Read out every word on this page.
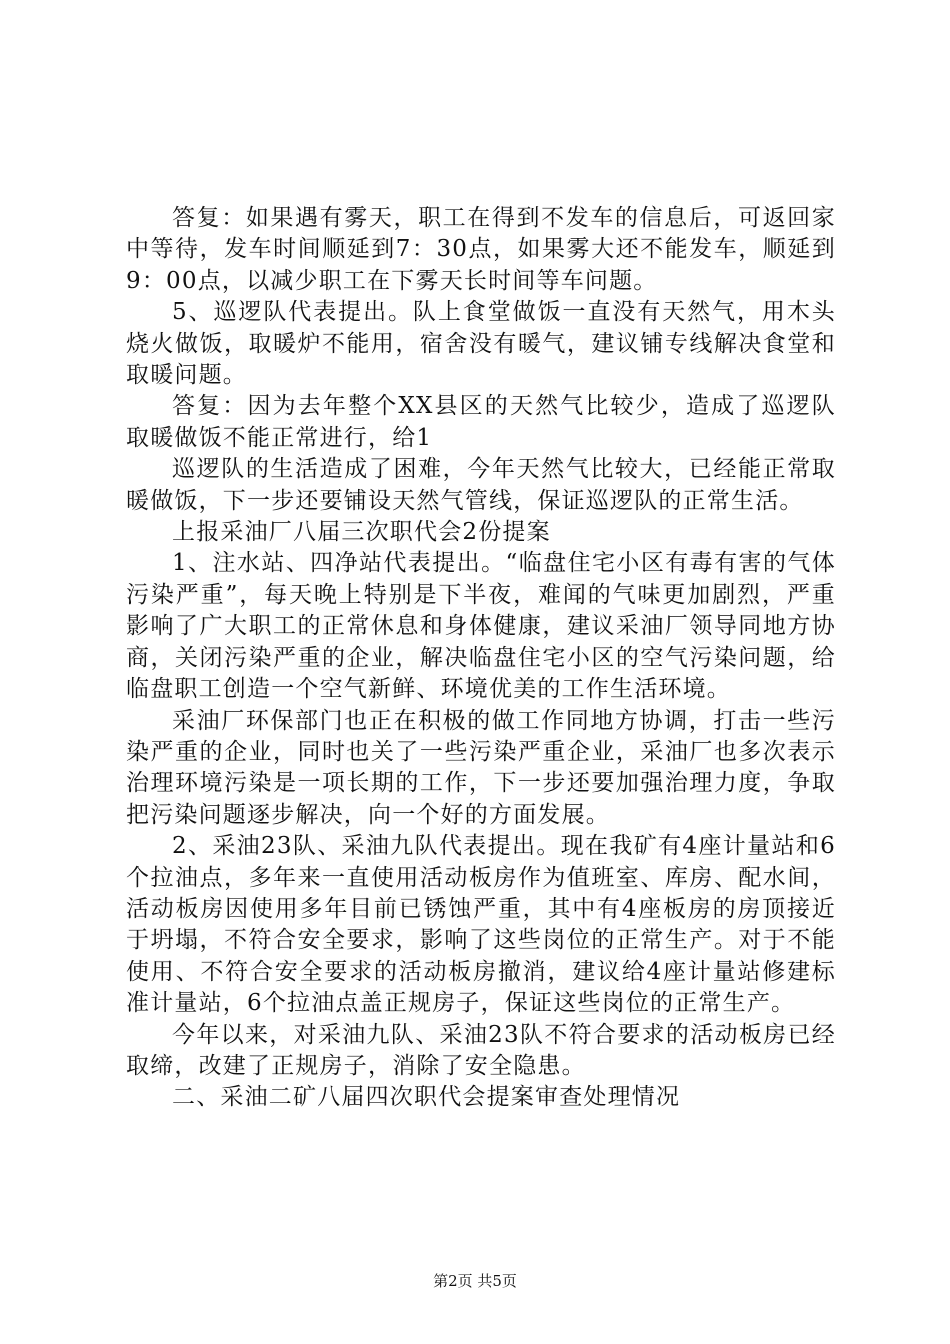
答复：如果遇有雾天，职工在得到不发车的信息后，可返回家中等待，发车时间顺延到7：30点，如果雾大还不能发车，顺延到9：00点，以减少职工在下雾天长时间等车问题。

5、巡逻队代表提出。队上食堂做饭一直没有天然气，用木头烧火做饭，取暖炉不能用，宿舍没有暖气，建议铺专线解决食堂和取暖问题。

答复：因为去年整个XX县区的天然气比较少，造成了巡逻队取暖做饭不能正常进行，给1

巡逻队的生活造成了困难，今年天然气比较大，已经能正常取暖做饭，下一步还要铺设天然气管线，保证巡逻队的正常生活。

上报采油厂八届三次职代会2份提案

1、注水站、四净站代表提出。“临盘住宅小区有毒有害的气体污染严重”，每天晚上特别是下半夜，难闻的气味更加剧烈，严重影响了广大职工的正常休息和身体健康，建议采油厂领导同地方协商，关闭污染严重的企业，解决临盘住宅小区的空气污染问题，给临盘职工创造一个空气新鲜、环境优美的工作生活环境。

采油厂环保部门也正在积极的做工作同地方协调，打击一些污染严重的企业，同时也关了一些污染严重企业，采油厂也多次表示治理环境污染是一项长期的工作，下一步还要加强治理力度，争取把污染问题逐步解决，向一个好的方面发展。

2、采油23队、采油九队代表提出。现在我矿有4座计量站和6个拉油点，多年来一直使用活动板房作为值班室、库房、配水间，活动板房因使用多年目前已锈蚀严重，其中有4座板房的房顶接近于坍塌，不符合安全要求，影响了这些岗位的正常生产。对于不能使用、不符合安全要求的活动板房撤消，建议给4座计量站修建标准计量站，6个拉油点盖正规房子，保证这些岗位的正常生产。

今年以来，对采油九队、采油23队不符合要求的活动板房已经取缔，改建了正规房子，消除了安全隐患。

二、采油二矿八届四次职代会提案审查处理情况

第2页 共5页
